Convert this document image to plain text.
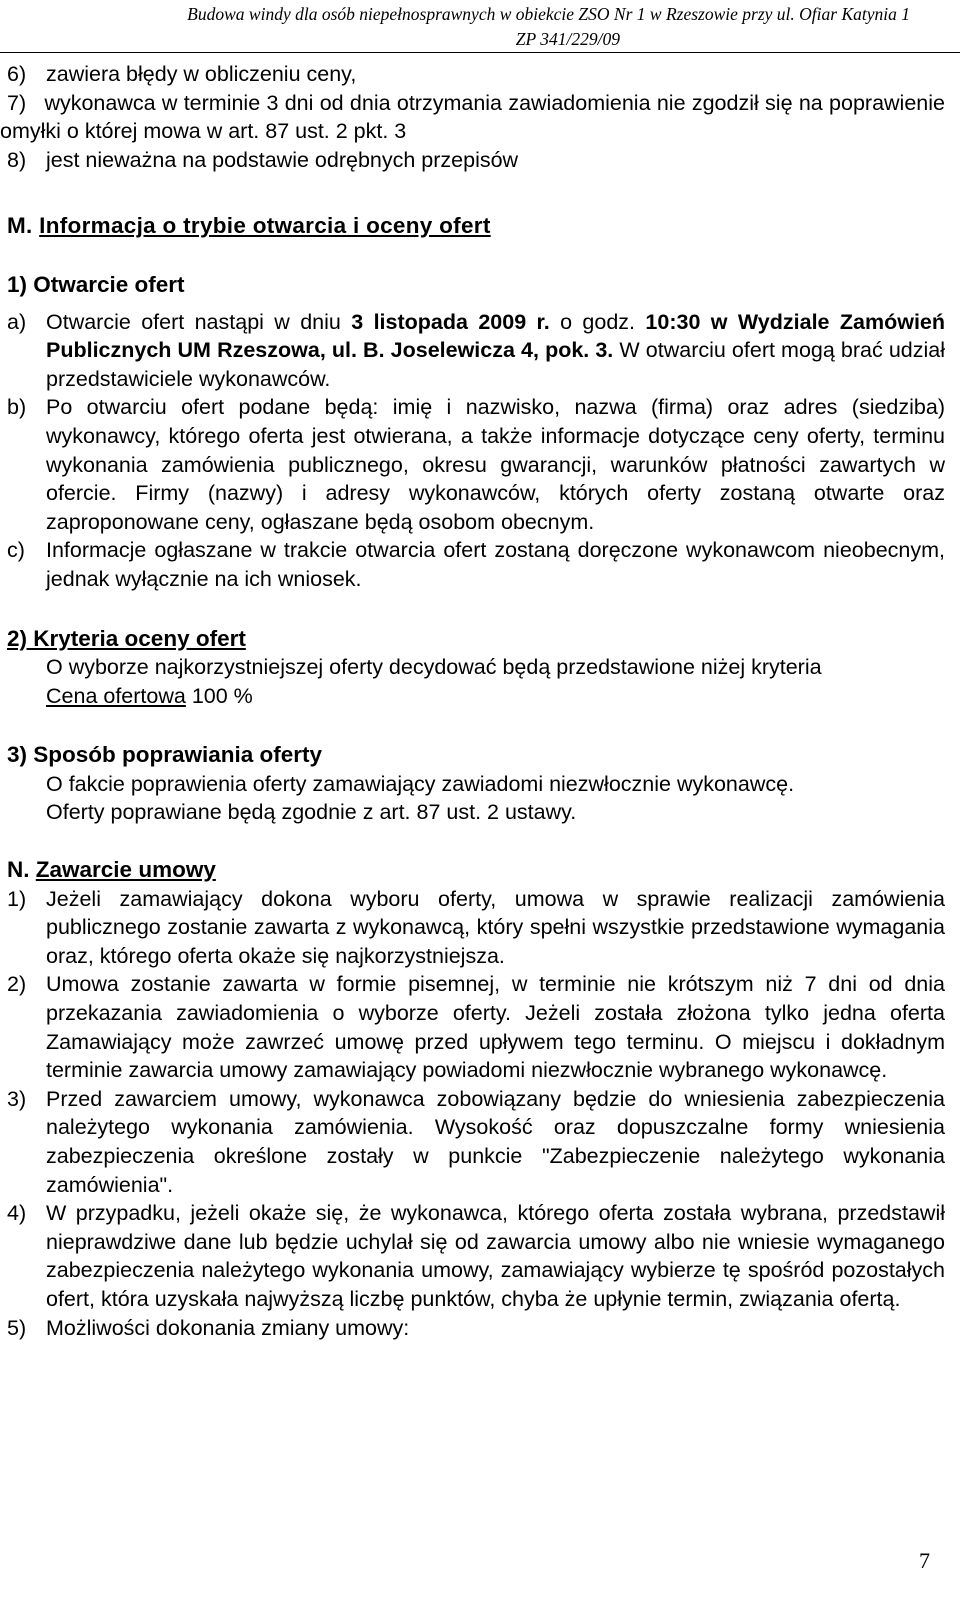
Budowa windy dla osób niepełnosprawnych w obiekcie ZSO Nr 1 w Rzeszowie przy ul. Ofiar Katynia 1
ZP 341/229/09
6) zawiera błędy w obliczeniu ceny,
7) wykonawca w terminie 3 dni od dnia otrzymania zawiadomienia nie zgodził się na poprawienie omyłki o której mowa w art. 87 ust. 2 pkt. 3
8) jest nieważna na podstawie odrębnych przepisów
M. Informacja o trybie otwarcia i oceny ofert
1) Otwarcie ofert
a) Otwarcie ofert nastąpi w dniu 3 listopada 2009 r. o godz. 10:30 w Wydziale Zamówień Publicznych UM Rzeszowa, ul. B. Joselewicza 4, pok. 3. W otwarciu ofert mogą brać udział przedstawiciele wykonawców.
b) Po otwarciu ofert podane będą: imię i nazwisko, nazwa (firma) oraz adres (siedziba) wykonawcy, którego oferta jest otwierana, a także informacje dotyczące ceny oferty, terminu wykonania zamówienia publicznego, okresu gwarancji, warunków płatności zawartych w ofercie. Firmy (nazwy) i adresy wykonawców, których oferty zostaną otwarte oraz zaproponowane ceny, ogłaszane będą osobom obecnym.
c) Informacje ogłaszane w trakcie otwarcia ofert zostaną doręczone wykonawcom nieobecnym, jednak wyłącznie na ich wniosek.
2) Kryteria oceny ofert
O wyborze najkorzystniejszej oferty decydować będą przedstawione niżej kryteria
Cena ofertowa 100 %
3) Sposób poprawiania oferty
O fakcie poprawienia oferty zamawiający zawiadomi niezwłocznie wykonawcę.
Oferty poprawiane będą zgodnie z art. 87 ust. 2 ustawy.
N. Zawarcie umowy
1) Jeżeli zamawiający dokona wyboru oferty, umowa w sprawie realizacji zamówienia publicznego zostanie zawarta z wykonawcą, który spełni wszystkie przedstawione wymagania oraz, którego oferta okaże się najkorzystniejsza.
2) Umowa zostanie zawarta w formie pisemnej, w terminie nie krótszym niż 7 dni od dnia przekazania zawiadomienia o wyborze oferty. Jeżeli została złożona tylko jedna oferta Zamawiający może zawrzeć umowę przed upływem tego terminu. O miejscu i dokładnym terminie zawarcia umowy zamawiający powiadomi niezwłocznie wybranego wykonawcę.
3) Przed zawarciem umowy, wykonawca zobowiązany będzie do wniesienia zabezpieczenia należytego wykonania zamówienia. Wysokość oraz dopuszczalne formy wniesienia zabezpieczenia określone zostały w punkcie "Zabezpieczenie należytego wykonania zamówienia".
4) W przypadku, jeżeli okaże się, że wykonawca, którego oferta została wybrana, przedstawił nieprawdziwe dane lub będzie uchylał się od zawarcia umowy albo nie wniesie wymaganego zabezpieczenia należytego wykonania umowy, zamawiający wybierze tę spośród pozostałych ofert, która uzyskała najwyższą liczbę punktów, chyba że upłynie termin, związania ofertą.
5) Możliwości dokonania zmiany umowy:
7
